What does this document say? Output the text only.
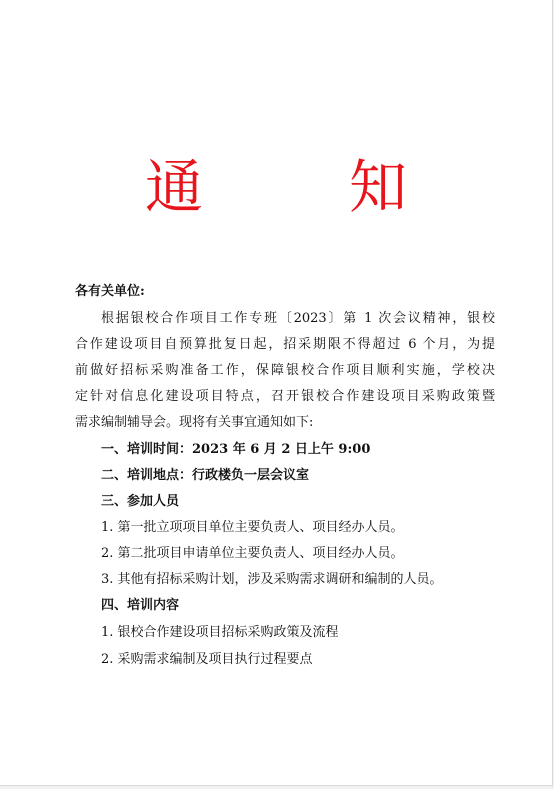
通　知
各有关单位:
根据银校合作项目工作专班〔2023〕第 1 次会议精神，银校
合作建设项目自预算批复日起，招采期限不得超过 6 个月，为提
前做好招标采购准备工作，保障银校合作项目顺利实施，学校决
定针对信息化建设项目特点，召开银校合作建设项目采购政策暨
需求编制辅导会。现将有关事宜通知如下:
一、培训时间：2023 年 6 月 2 日上午 9:00
二、培训地点：行政楼负一层会议室
三、参加人员
1. 第一批立项项目单位主要负责人、项目经办人员。
2. 第二批项目申请单位主要负责人、项目经办人员。
3. 其他有招标采购计划，涉及采购需求调研和编制的人员。
四、培训内容
1. 银校合作建设项目招标采购政策及流程
2. 采购需求编制及项目执行过程要点
